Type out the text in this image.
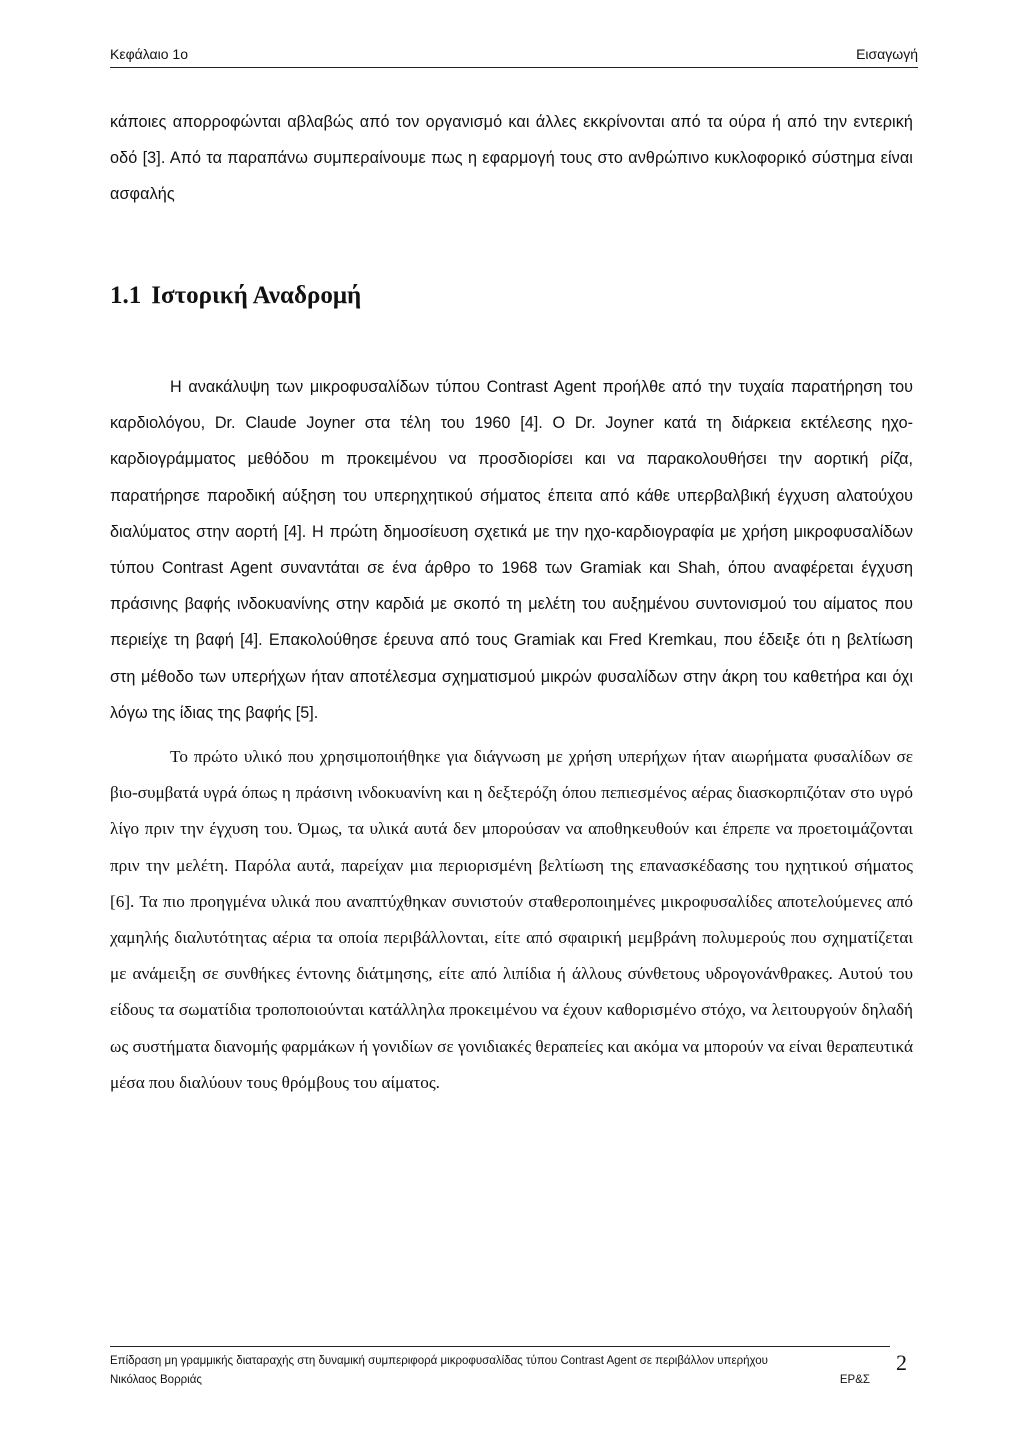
Κεφάλαιο 1ο	Εισαγωγή

κάποιες απορροφώνται αβλαβώς από τον οργανισμό και άλλες εκκρίνονται από τα ούρα ή από την εντερική οδό [3]. Από τα παραπάνω συμπεραίνουμε πως η εφαρμογή τους στο ανθρώπινο κυκλοφορικό σύστημα είναι ασφαλής

1.1 Ιστορική Αναδρομή

Η ανακάλυψη των μικροφυσαλίδων τύπου Contrast Agent προήλθε από την τυχαία παρατήρηση του καρδιολόγου, Dr. Claude Joyner στα τέλη του 1960 [4]. Ο Dr. Joyner κατά τη διάρκεια εκτέλεσης ηχο-καρδιογράμματος μεθόδου m προκειμένου να προσδιορίσει και να παρακολουθήσει την αορτική ρίζα, παρατήρησε παροδική αύξηση του υπερηχητικού σήματος έπειτα από κάθε υπερβαλβική έγχυση αλατούχου διαλύματος στην αορτή [4]. Η πρώτη δημοσίευση σχετικά με την ηχο-καρδιογραφία με χρήση μικροφυσαλίδων τύπου Contrast Agent συναντάται σε ένα άρθρο το 1968 των Gramiak και Shah, όπου αναφέρεται έγχυση πράσινης βαφής ινδοκυανίνης στην καρδιά με σκοπό τη μελέτη του αυξημένου συντονισμού του αίματος που περιείχε τη βαφή [4]. Επακολούθησε έρευνα από τους Gramiak και Fred Kremkau, που έδειξε ότι η βελτίωση στη μέθοδο των υπερήχων ήταν αποτέλεσμα σχηματισμού μικρών φυσαλίδων στην άκρη του καθετήρα και όχι λόγω της ίδιας της βαφής [5].

Το πρώτο υλικό που χρησιμοποιήθηκε για διάγνωση με χρήση υπερήχων ήταν αιωρήματα φυσαλίδων σε βιο-συμβατά υγρά όπως η πράσινη ινδοκυανίνη και η δεξτερόζη όπου πεπιεσμένος αέρας διασκορπιζόταν στο υγρό λίγο πριν την έγχυση του. Όμως, τα υλικά αυτά δεν μπορούσαν να αποθηκευθούν και έπρεπε να προετοιμάζονται πριν την μελέτη. Παρόλα αυτά, παρείχαν μια περιορισμένη βελτίωση της επανασκέδασης του ηχητικού σήματος [6]. Τα πιο προηγμένα υλικά που αναπτύχθηκαν συνιστούν σταθεροποιημένες μικροφυσαλίδες αποτελούμενες από χαμηλής διαλυτότητας αέρια τα οποία περιβάλλονται, είτε από σφαιρική μεμβράνη πολυμερούς που σχηματίζεται με ανάμειξη σε συνθήκες έντονης διάτμησης, είτε από λιπίδια ή άλλους σύνθετους υδρογονάνθρακες. Αυτού του είδους τα σωματίδια τροποποιούνται κατάλληλα προκειμένου να έχουν καθορισμένο στόχο, να λειτουργούν δηλαδή ως συστήματα διανομής φαρμάκων ή γονιδίων σε γονιδιακές θεραπείες και ακόμα να μπορούν να είναι θεραπευτικά μέσα που διαλύουν τους θρόμβους του αίματος.

Επίδραση μη γραμμικής διαταραχής στη δυναμική συμπεριφορά μικροφυσαλίδας τύπου Contrast Agent σε περιβάλλον υπερήχου
Νικόλαος Βορριάς	ΕΡ&Σ
2
